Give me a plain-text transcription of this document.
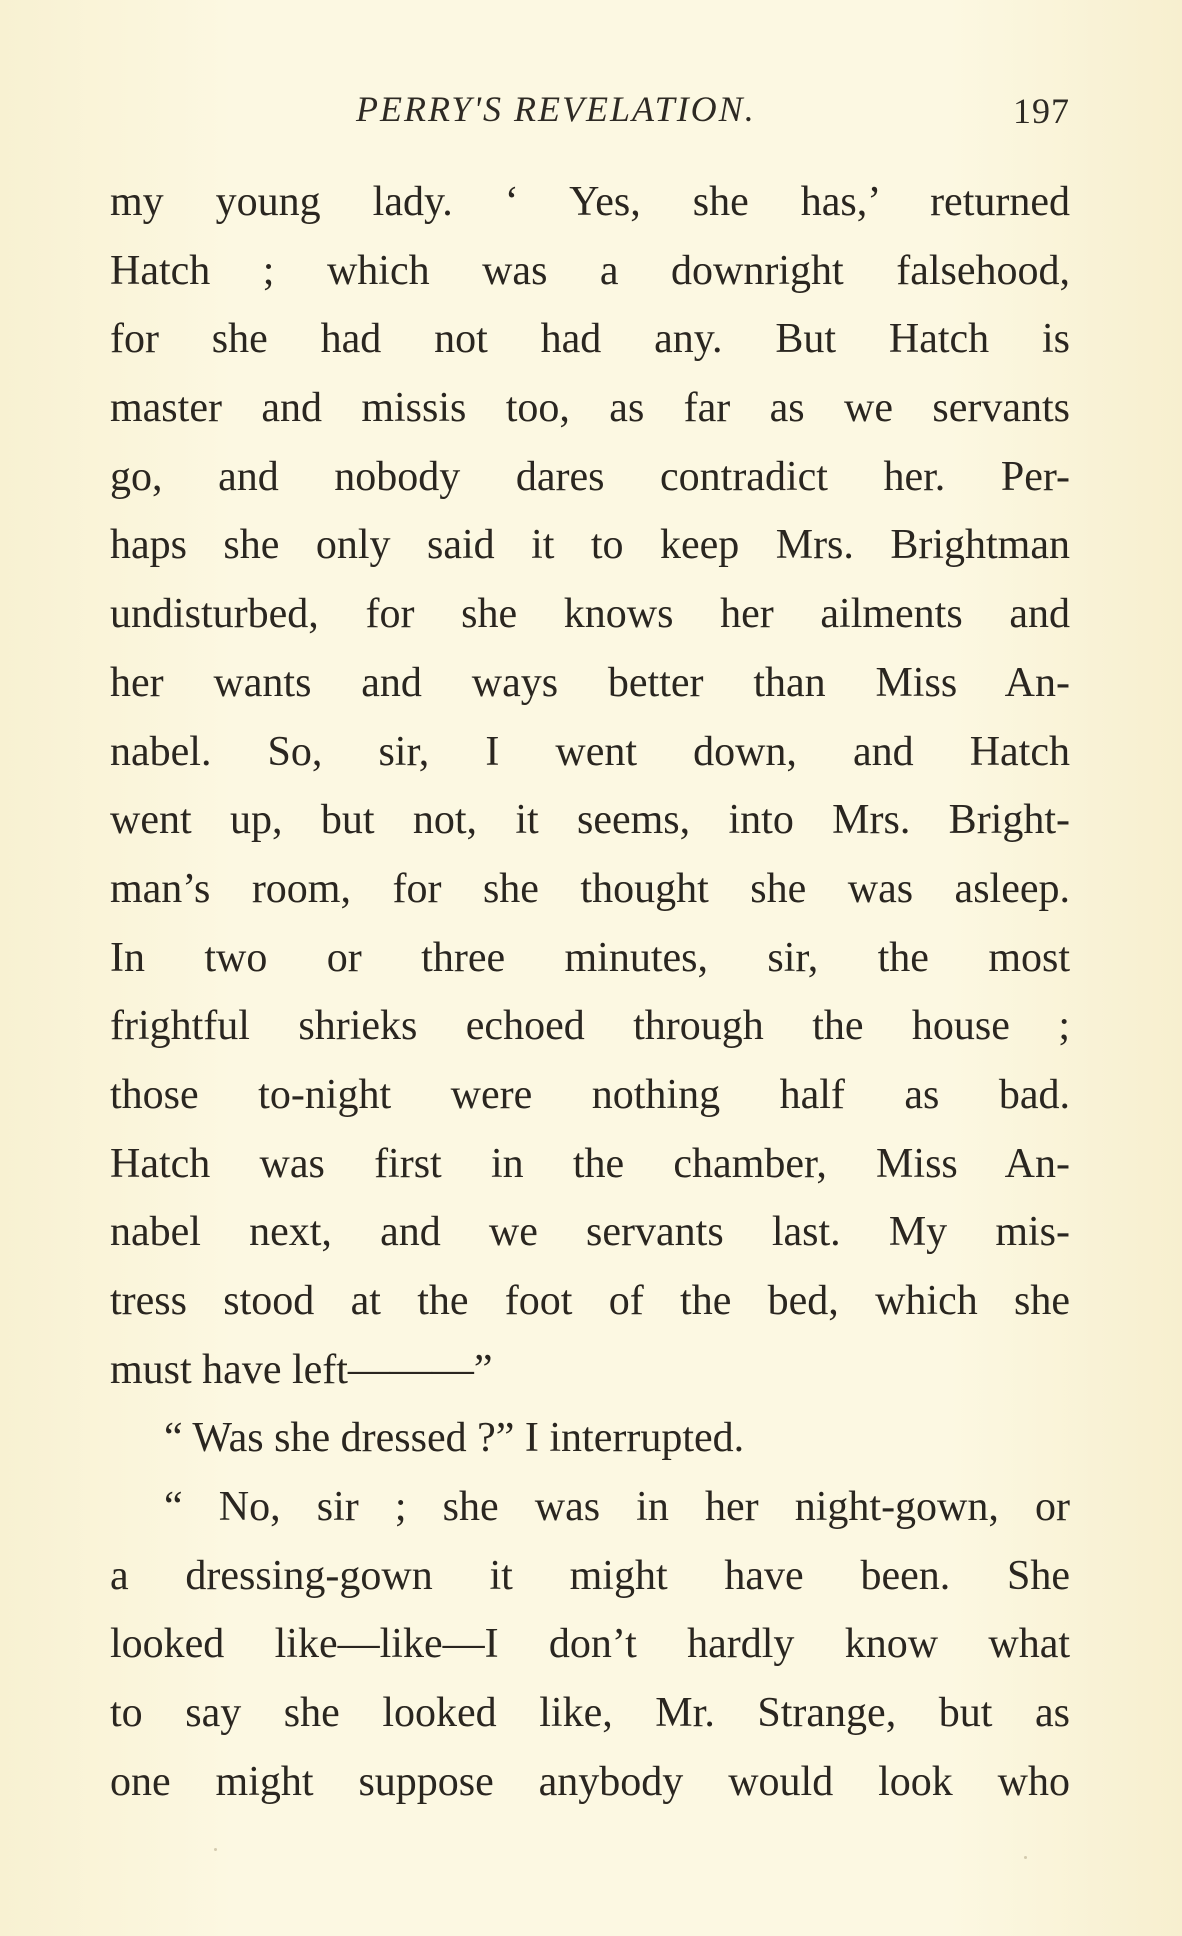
PERRY'S REVELATION.	197
my young lady. ‘ Yes, she has,’ returned
Hatch ; which was a downright falsehood,
for she had not had any. But Hatch is
master and missis too, as far as we servants
go, and nobody dares contradict her. Per-
haps she only said it to keep Mrs. Brightman
undisturbed, for she knows her ailments and
her wants and ways better than Miss An-
nabel. So, sir, I went down, and Hatch
went up, but not, it seems, into Mrs. Bright-
man’s room, for she thought she was asleep.
In two or three minutes, sir, the most
frightful shrieks echoed through the house ;
those to-night were nothing half as bad.
Hatch was first in the chamber, Miss An-
nabel next, and we servants last. My mis-
tress stood at the foot of the bed, which she
must have left———”
“ Was she dressed ?” I interrupted.
“ No, sir ; she was in her night-gown, or
a dressing-gown it might have been. She
looked like—like—I don’t hardly know what
to say she looked like, Mr. Strange, but as
one might suppose anybody would look who
